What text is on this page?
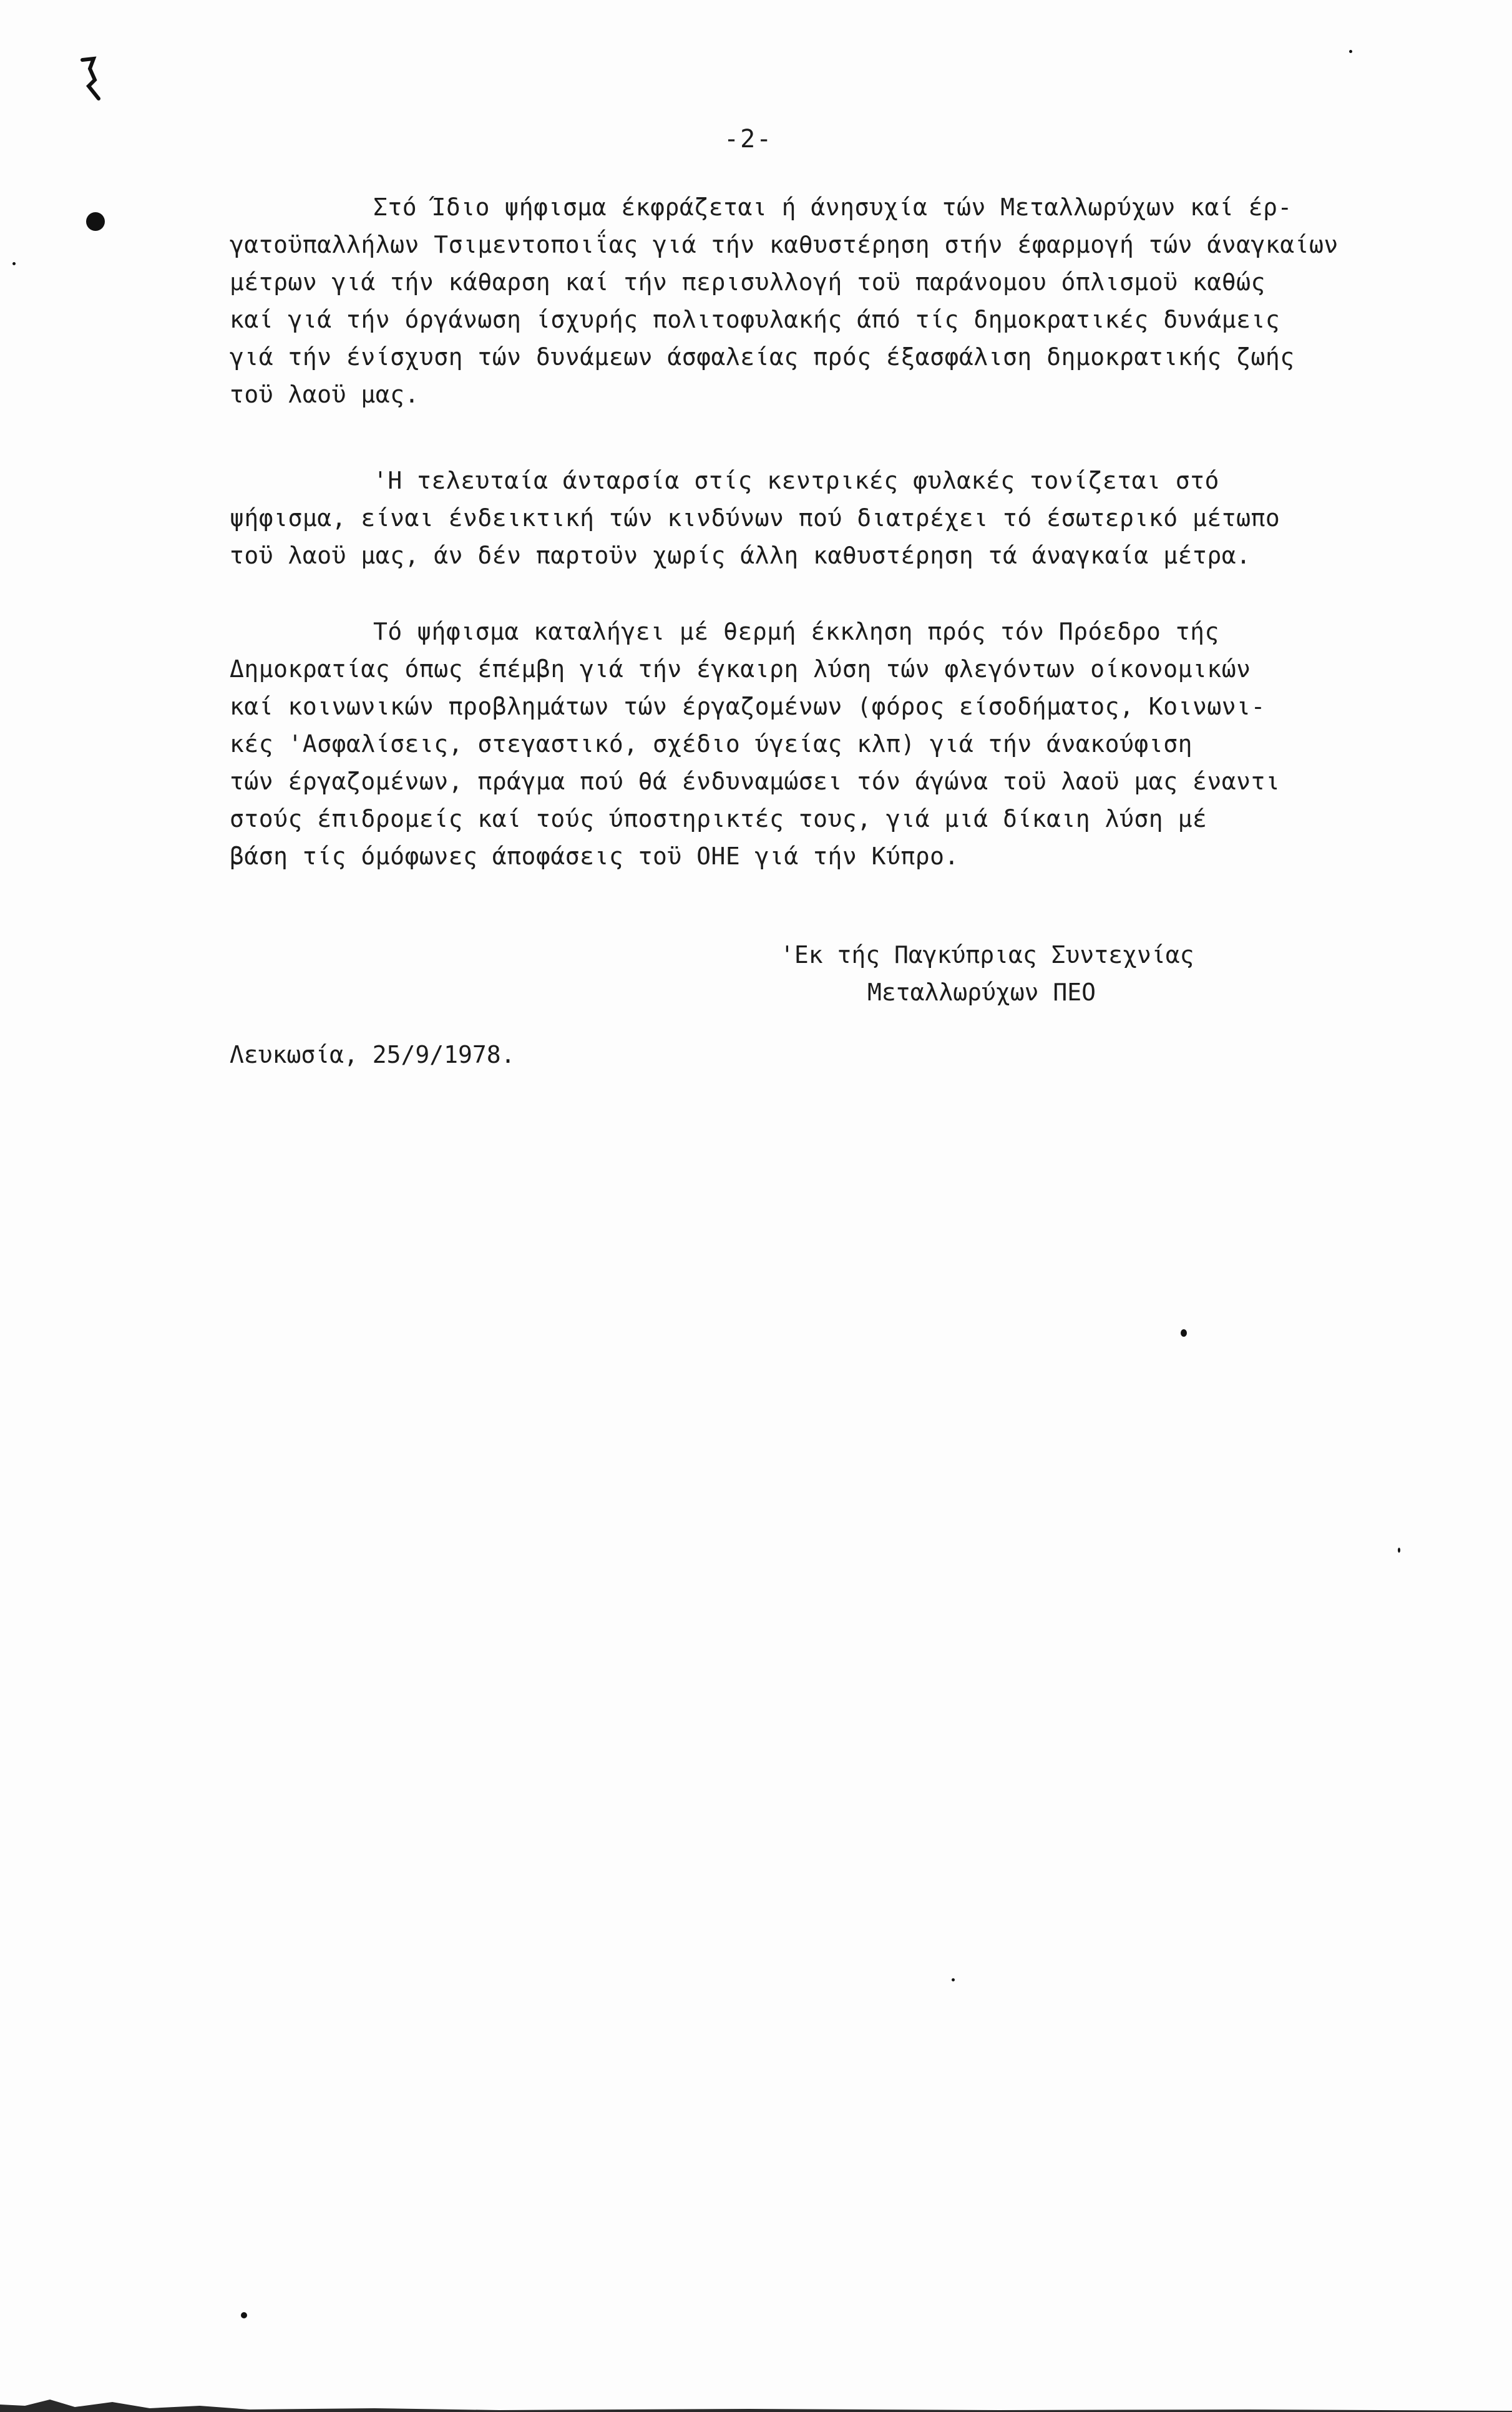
-2-
Στό Ίδιο ψήφισμα έκφράζεται ή άνησυχία τών Μεταλλωρύχων καί έρ-
γατοϋπαλλήλων Τσιμεντοποιΐας γιά τήν καθυστέρηση στήν έφαρμογή τών άναγκαίων
μέτρων γιά τήν κάθαρση καί τήν περισυλλογή τοϋ παράνομου όπλισμοϋ καθώς
καί γιά τήν όργάνωση ίσχυρής πολιτοφυλακής άπό τίς δημοκρατικές δυνάμεις
γιά τήν ένίσχυση τών δυνάμεων άσφαλείας πρός έξασφάλιση δημοκρατικής ζωής
τοϋ λαοϋ μας.
'Η τελευταία άνταρσία στίς κεντρικές φυλακές τονίζεται στό
ψήφισμα, είναι ένδεικτική τών κινδύνων πού διατρέχει τό έσωτερικό μέτωπο
τοϋ λαοϋ μας, άν δέν παρτοϋν χωρίς άλλη καθυστέρηση τά άναγκαία μέτρα.
Τό ψήφισμα καταλήγει μέ θερμή έκκληση πρός τόν Πρόεδρο τής
Δημοκρατίας όπως έπέμβη γιά τήν έγκαιρη λύση τών φλεγόντων οίκονομικών
καί κοινωνικών προβλημάτων τών έργαζομένων (φόρος είσοδήματος, Κοινωνι-
κές 'Ασφαλίσεις, στεγαστικό, σχέδιο ύγείας κλπ) γιά τήν άνακούφιση
τών έργαζομένων, πράγμα πού θά ένδυναμώσει τόν άγώνα τοϋ λαοϋ μας έναντι
στούς έπιδρομείς καί τούς ύποστηρικτές τους, γιά μιά δίκαιη λύση μέ
βάση τίς όμόφωνες άποφάσεις τοϋ ΟΗΕ γιά τήν Κύπρο.
'Εκ τής Παγκύπριας Συντεχνίας
Μεταλλωρύχων ΠΕΟ
Λευκωσία, 25/9/1978.
